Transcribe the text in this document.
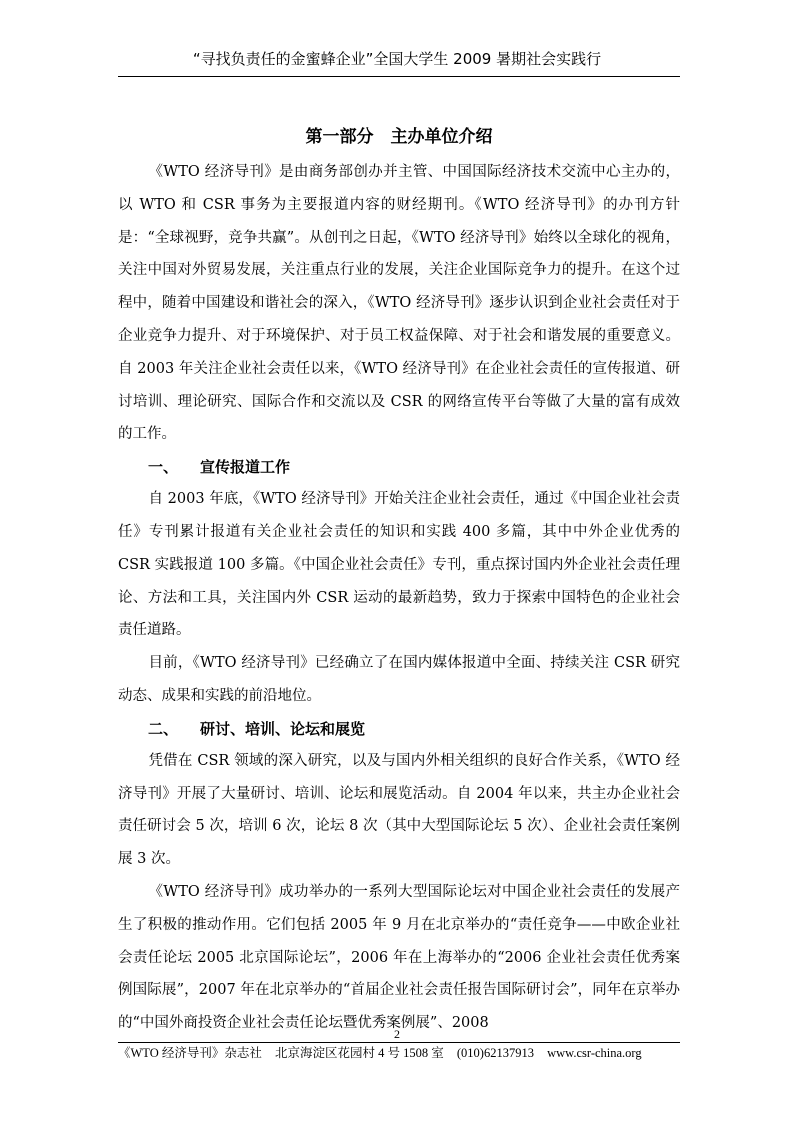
“寻找负责任的金蜜蜂企业”全国大学生 2009 暑期社会实践行
第一部分　主办单位介绍

《WTO 经济导刊》是由商务部创办并主管、中国国际经济技术交流中心主办的，以 WTO 和 CSR 事务为主要报道内容的财经期刊。《WTO 经济导刊》的办刊方针是：“全球视野，竞争共赢”。从创刊之日起，《WTO 经济导刊》始终以全球化的视角，关注中国对外贸易发展，关注重点行业的发展，关注企业国际竞争力的提升。在这个过程中，随着中国建设和谐社会的深入，《WTO 经济导刊》逐步认识到企业社会责任对于企业竞争力提升、对于环境保护、对于员工权益保障、对于社会和谐发展的重要意义。自 2003 年关注企业社会责任以来，《WTO 经济导刊》在企业社会责任的宣传报道、研讨培训、理论研究、国际合作和交流以及 CSR 的网络宣传平台等做了大量的富有成效的工作。

一、 宣传报道工作

自 2003 年底，《WTO 经济导刊》开始关注企业社会责任，通过《中国企业社会责任》专刊累计报道有关企业社会责任的知识和实践 400 多篇，其中中外企业优秀的 CSR 实践报道 100 多篇。《中国企业社会责任》专刊，重点探讨国内外企业社会责任理论、方法和工具，关注国内外 CSR 运动的最新趋势，致力于探索中国特色的企业社会责任道路。

目前，《WTO 经济导刊》已经确立了在国内媒体报道中全面、持续关注 CSR 研究动态、成果和实践的前沿地位。

二、 研讨、培训、论坛和展览

凭借在 CSR 领域的深入研究，以及与国内外相关组织的良好合作关系，《WTO 经济导刊》开展了大量研讨、培训、论坛和展览活动。自 2004 年以来，共主办企业社会责任研讨会 5 次，培训 6 次，论坛 8 次（其中大型国际论坛 5 次）、企业社会责任案例展 3 次。

《WTO 经济导刊》成功举办的一系列大型国际论坛对中国企业社会责任的发展产生了积极的推动作用。它们包括 2005 年 9 月在北京举办的“责任竞争——中欧企业社会责任论坛 2005 北京国际论坛”，2006 年在上海举办的“2006 企业社会责任优秀案例国际展”，2007 年在北京举办的“首届企业社会责任报告国际研讨会”，同年在京举办的“中国外商投资企业社会责任论坛暨优秀案例展”、2008

2
《WTO 经济导刊》杂志社 北京海淀区花园村 4 号 1508 室 (010)62137913 www.csr-china.org
